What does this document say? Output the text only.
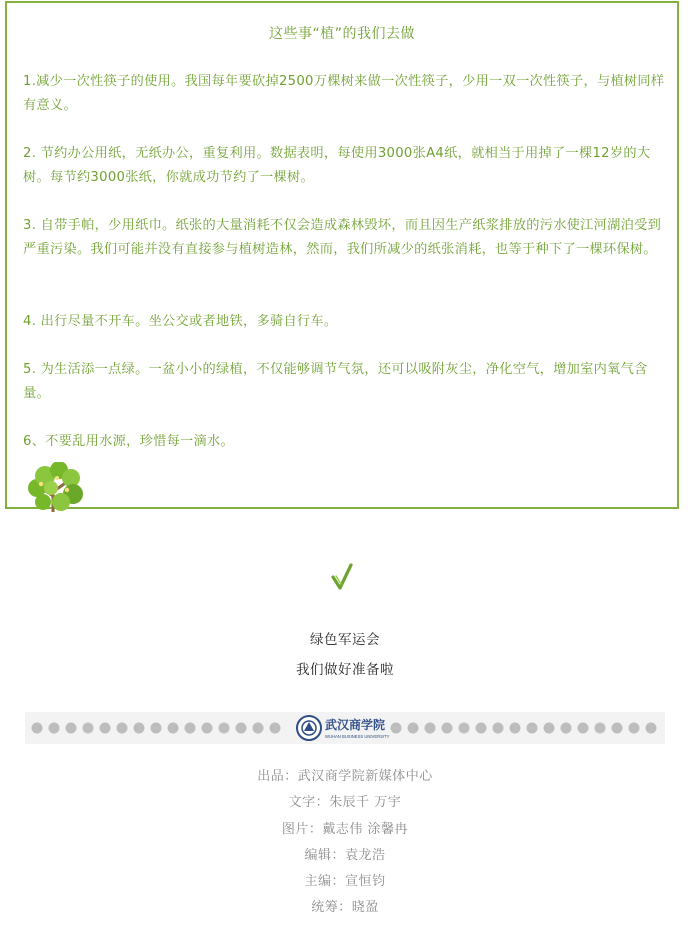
这些事“植”的我们去做
1.减少一次性筷子的使用。我国每年要砍掉2500万棵树来做一次性筷子，少用一双一次性筷子，与植树同样有意义。
2. 节约办公用纸，无纸办公，重复利用。数据表明，每使用3000张A4纸，就相当于用掉了一棵12岁的大树。每节约3000张纸，你就成功节约了一棵树。
3. 自带手帕，少用纸巾。纸张的大量消耗不仅会造成森林毁坏，而且因生产纸浆排放的污水使江河湖泊受到严重污染。我们可能并没有直接参与植树造林，然而，我们所减少的纸张消耗，也等于种下了一棵环保树。
4. 出行尽量不开车。坐公交或者地铁，多骑自行车。
5. 为生活添一点绿。一盆小小的绿植，不仅能够调节气氛，还可以吸附灰尘，净化空气，增加室内氧气含量。
6、不要乱用水源，珍惜每一滴水。
绿色军运会
我们做好准备啦
武汉商学院
WUHAN BUSINESS UNIVERSITY
出品：武汉商学院新媒体中心
文字：朱辰千 万宇
图片：戴志伟 涂馨冉
编辑：袁龙浩
主编：宣恒钧
统筹：晓盈
